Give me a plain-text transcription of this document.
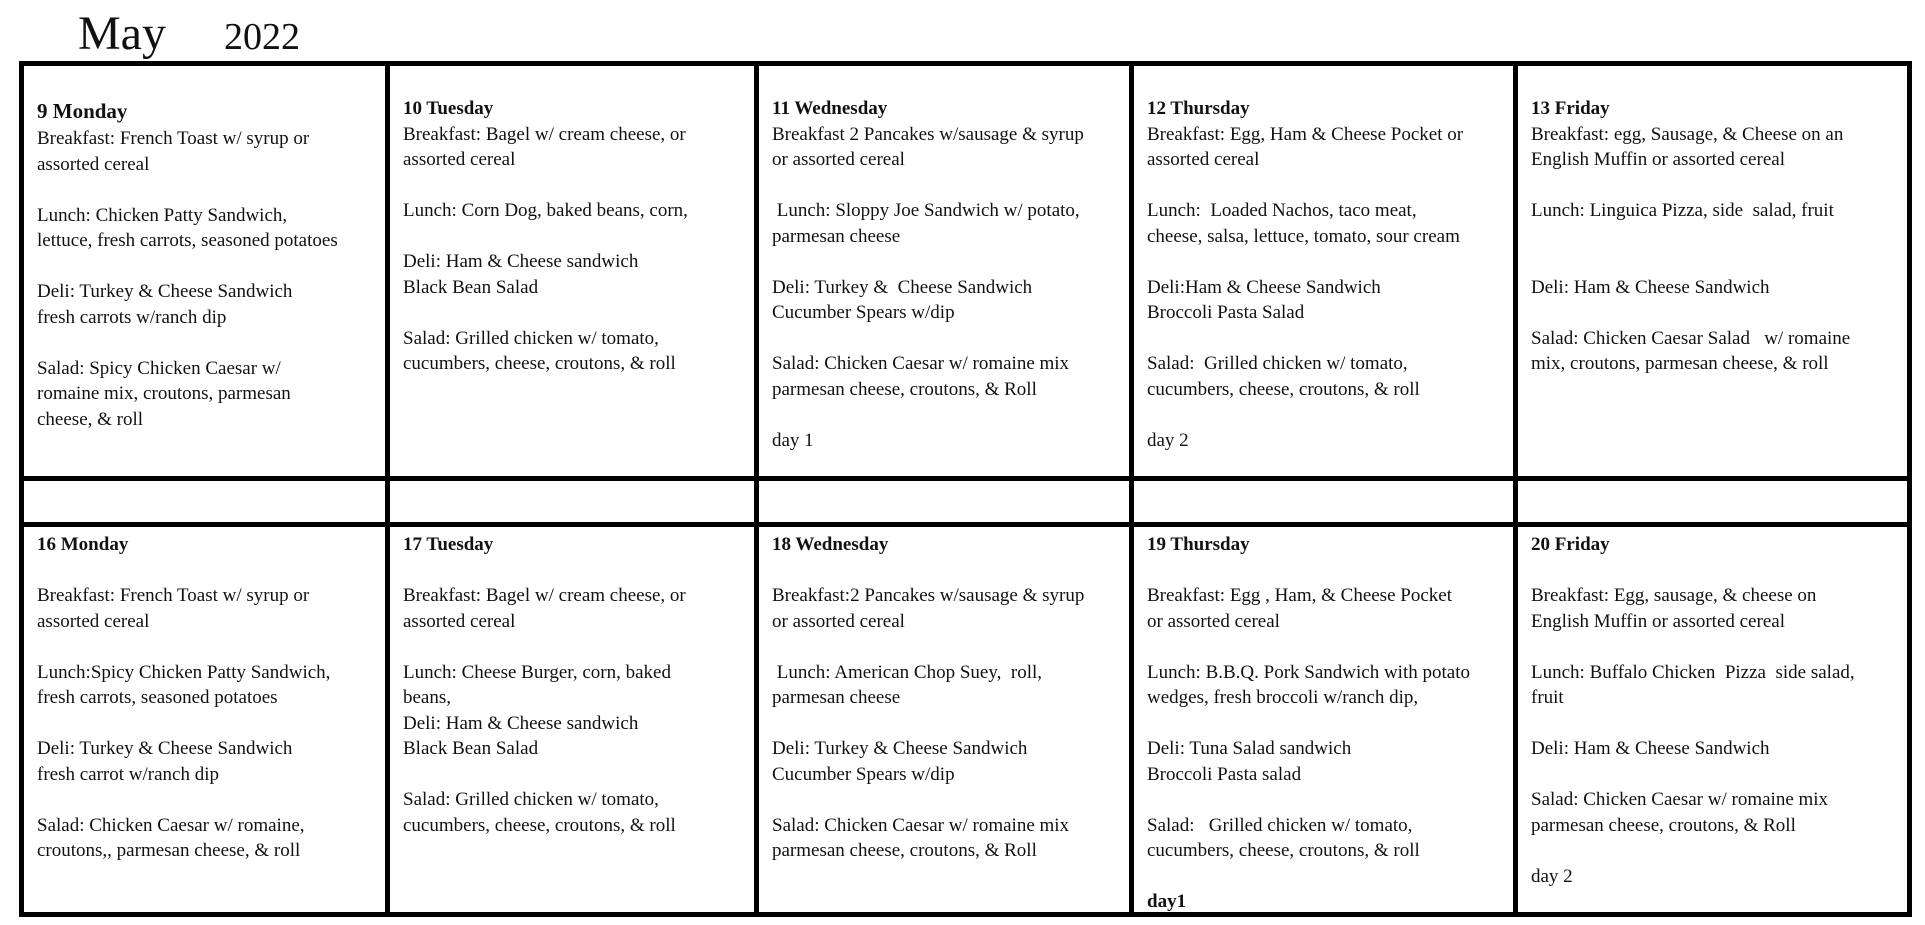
May 2022
9 Monday
Breakfast: French Toast w/ syrup or
assorted cereal
Lunch: Chicken Patty Sandwich,
lettuce, fresh carrots, seasoned potatoes
Deli: Turkey & Cheese Sandwich
fresh carrots w/ranch dip
Salad: Spicy Chicken Caesar w/
romaine mix, croutons, parmesan
cheese, & roll
10 Tuesday
Breakfast: Bagel w/ cream cheese, or
assorted cereal
Lunch: Corn Dog, baked beans, corn,
Deli: Ham & Cheese sandwich
Black Bean Salad
Salad: Grilled chicken w/ tomato,
cucumbers, cheese, croutons, & roll
11 Wednesday
Breakfast 2 Pancakes w/sausage & syrup
or assorted cereal
Lunch: Sloppy Joe Sandwich w/ potato,
parmesan cheese
Deli: Turkey &  Cheese Sandwich
Cucumber Spears w/dip
Salad: Chicken Caesar w/ romaine mix
parmesan cheese, croutons, & Roll
day 1
12 Thursday
Breakfast: Egg, Ham & Cheese Pocket or
assorted cereal
Lunch:  Loaded Nachos, taco meat,
cheese, salsa, lettuce, tomato, sour cream
Deli:Ham & Cheese Sandwich
Broccoli Pasta Salad
Salad:  Grilled chicken w/ tomato,
cucumbers, cheese, croutons, & roll
day 2
13 Friday
Breakfast: egg, Sausage, & Cheese on an
English Muffin or assorted cereal
Lunch: Linguica Pizza, side  salad, fruit

Deli: Ham & Cheese Sandwich
Salad: Chicken Caesar Salad   w/ romaine
mix, croutons, parmesan cheese, & roll
16 Monday
Breakfast: French Toast w/ syrup or
assorted cereal
Lunch:Spicy Chicken Patty Sandwich,
fresh carrots, seasoned potatoes
Deli: Turkey & Cheese Sandwich
fresh carrot w/ranch dip
Salad: Chicken Caesar w/ romaine,
croutons,, parmesan cheese, & roll
17 Tuesday
Breakfast: Bagel w/ cream cheese, or
assorted cereal
Lunch: Cheese Burger, corn, baked
beans,
Deli: Ham & Cheese sandwich
Black Bean Salad
Salad: Grilled chicken w/ tomato,
cucumbers, cheese, croutons, & roll
18 Wednesday
Breakfast:2 Pancakes w/sausage & syrup
or assorted cereal
Lunch: American Chop Suey,  roll,
parmesan cheese
Deli: Turkey & Cheese Sandwich
Cucumber Spears w/dip
Salad: Chicken Caesar w/ romaine mix
parmesan cheese, croutons, & Roll
19 Thursday
Breakfast: Egg , Ham, & Cheese Pocket
or assorted cereal
Lunch: B.B.Q. Pork Sandwich with potato
wedges, fresh broccoli w/ranch dip,
Deli: Tuna Salad sandwich
Broccoli Pasta salad
Salad:   Grilled chicken w/ tomato,
cucumbers, cheese, croutons, & roll
day1
20 Friday
Breakfast: Egg, sausage, & cheese on
English Muffin or assorted cereal
Lunch: Buffalo Chicken  Pizza  side salad,
fruit
Deli: Ham & Cheese Sandwich
Salad: Chicken Caesar w/ romaine mix
parmesan cheese, croutons, & Roll
day 2
